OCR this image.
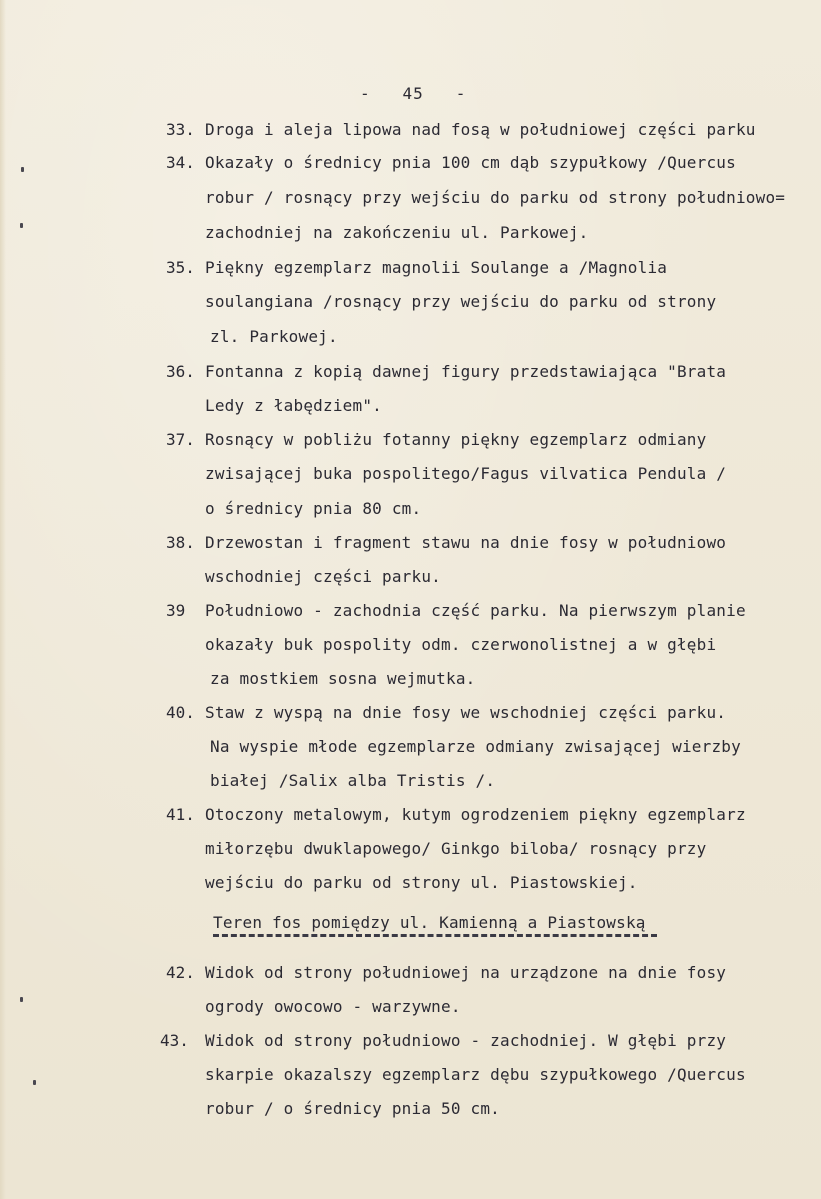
-   45   -
33. Droga i aleja lipowa nad fosą w południowej części parku
34. Okazały o średnicy pnia 100 cm dąb szypułkowy /Quercus
robur / rosnący przy wejściu do parku od strony południowo=
zachodniej na zakończeniu ul. Parkowej.
35. Piękny egzemplarz magnolii Soulange a /Magnolia
soulangiana /rosnący przy wejściu do parku od strony
zl. Parkowej.
36. Fontanna z kopią dawnej figury przedstawiająca "Brata
Ledy z łabędziem".
37. Rosnący w pobliżu fotanny piękny egzemplarz odmiany
zwisającej buka pospolitego/Fagus vilvatica Pendula /
o średnicy pnia 80 cm.
38. Drzewostan i fragment stawu na dnie fosy w południowo
wschodniej części parku.
39 Południowo - zachodnia część parku. Na pierwszym planie
okazały buk pospolity odm. czerwonolistnej a w głębi
za mostkiem sosna wejmutka.
40. Staw z wyspą na dnie fosy we wschodniej części parku.
Na wyspie młode egzemplarze odmiany zwisającej wierzby
białej /Salix alba Tristis /.
41. Otoczony metalowym, kutym ogrodzeniem piękny egzemplarz
miłorzębu dwuklapowego/ Ginkgo biloba/ rosnący przy
wejściu do parku od strony ul. Piastowskiej.
Teren fos pomiędzy ul. Kamienną a Piastowską
42. Widok od strony południowej na urządzone na dnie fosy
ogrody owocowo - warzywne.
43. Widok od strony południowo - zachodniej. W głębi przy
skarpie okazalszy egzemplarz dębu szypułkowego /Quercus
robur / o średnicy pnia 50 cm.
